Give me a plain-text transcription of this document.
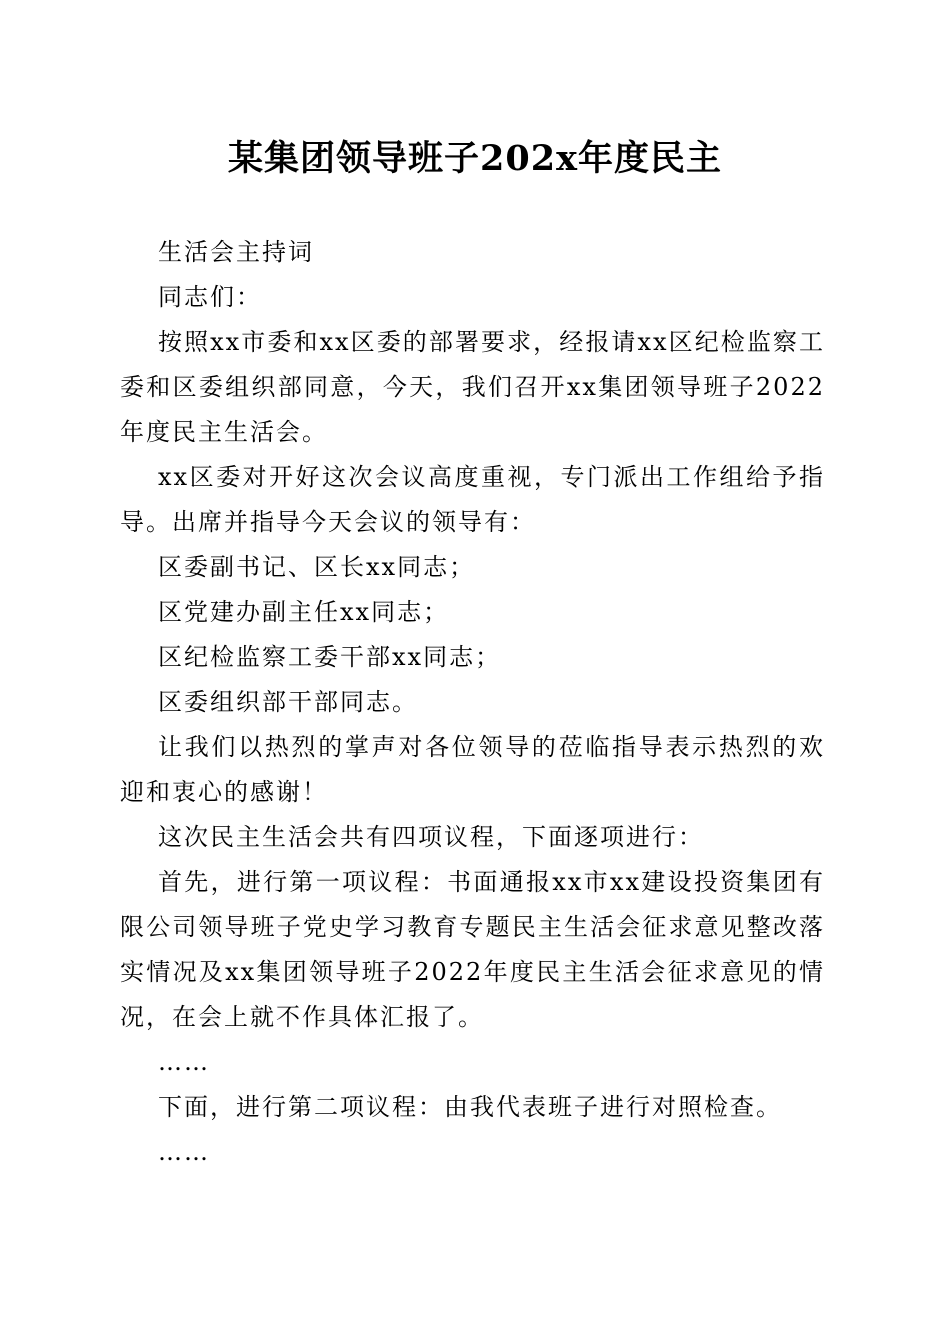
某集团领导班子202x年度民主

生活会主持词

同志们：

按照xx市委和xx区委的部署要求，经报请xx区纪检监察工委和区委组织部同意，今天，我们召开xx集团领导班子2022年度民主生活会。

xx区委对开好这次会议高度重视，专门派出工作组给予指导。出席并指导今天会议的领导有：

区委副书记、区长xx同志；

区党建办副主任xx同志；

区纪检监察工委干部xx同志；

区委组织部干部同志。

让我们以热烈的掌声对各位领导的莅临指导表示热烈的欢迎和衷心的感谢！

这次民主生活会共有四项议程，下面逐项进行：

首先，进行第一项议程：书面通报xx市xx建设投资集团有限公司领导班子党史学习教育专题民主生活会征求意见整改落实情况及xx集团领导班子2022年度民主生活会征求意见的情况，在会上就不作具体汇报了。

……

下面，进行第二项议程：由我代表班子进行对照检查。

……
